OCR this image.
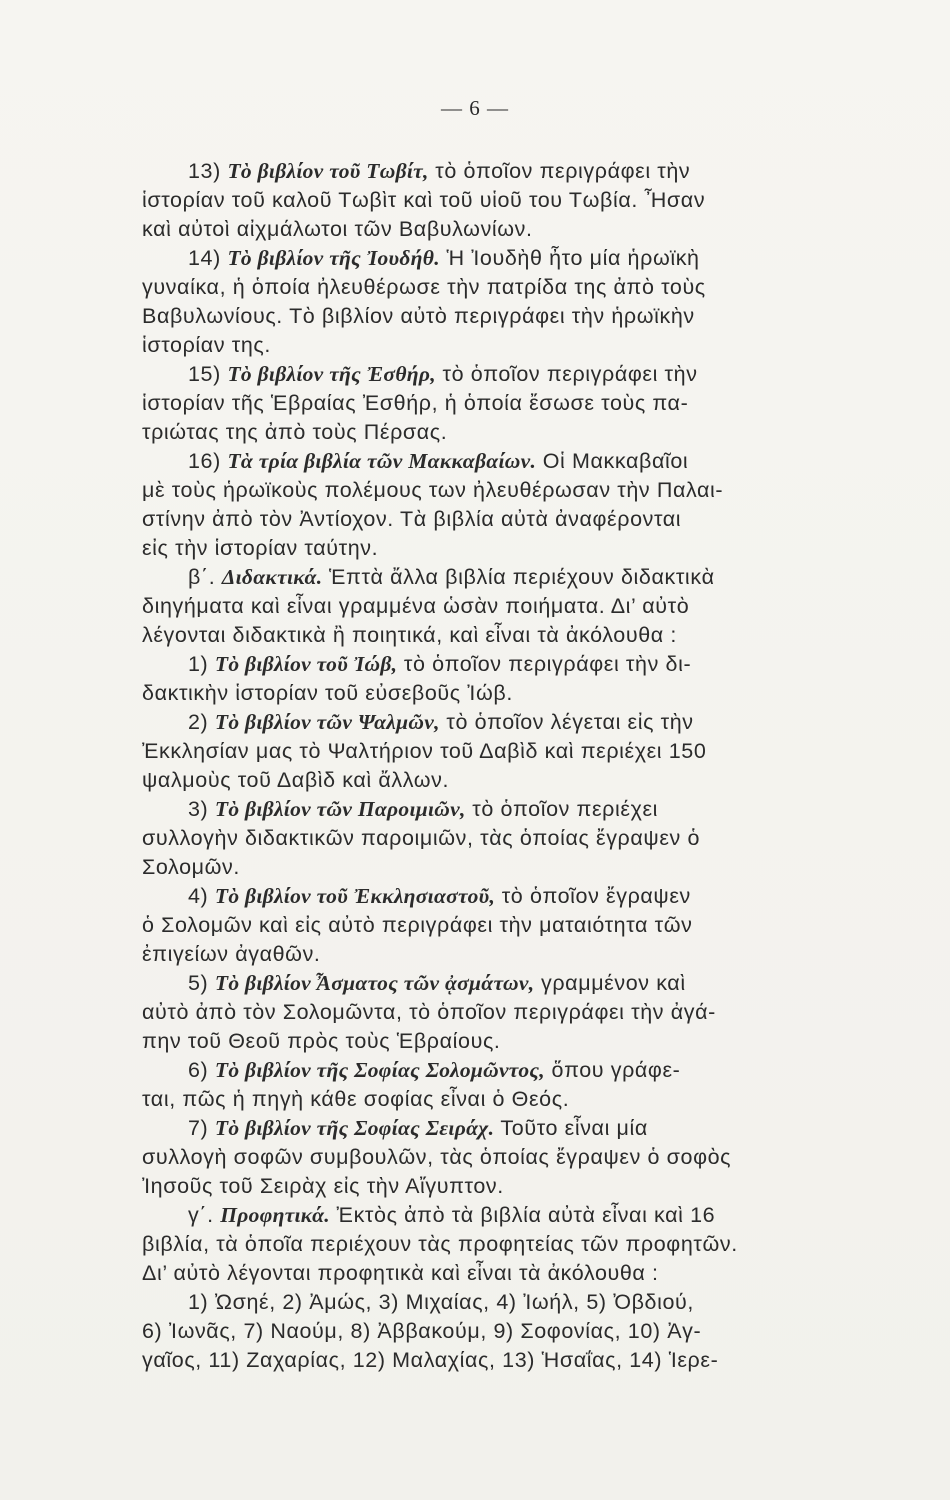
— 6 —
13) Τὸ βιβλίον τοῦ Τωβίτ, τὸ ὁποῖον περιγράφει τὴν
ἱστορίαν τοῦ καλοῦ Τωβὶτ καὶ τοῦ υἱοῦ του Τωβία. Ἦσαν
καὶ αὐτοὶ αἰχμάλωτοι τῶν Βαβυλωνίων.
14) Τὸ βιβλίον τῆς Ἰουδήθ. Ἡ Ἰουδὴθ ἦτο μία ἡρωϊκὴ
γυναίκα, ἡ ὁποία ἠλευθέρωσε τὴν πατρίδα της ἀπὸ τοὺς
Βαβυλωνίους. Τὸ βιβλίον αὐτὸ περιγράφει τὴν ἡρωϊκὴν
ἱστορίαν της.
15) Τὸ βιβλίον τῆς Ἐσθήρ, τὸ ὁποῖον περιγράφει τὴν
ἱστορίαν τῆς Ἑβραίας Ἐσθήρ, ἡ ὁποία ἔσωσε τοὺς πα-
τριώτας της ἀπὸ τοὺς Πέρσας.
16) Τὰ τρία βιβλία τῶν Μακκαβαίων. Οἱ Μακκαβαῖοι
μὲ τοὺς ἡρωϊκοὺς πολέμους των ἠλευθέρωσαν τὴν Παλαι-
στίνην ἀπὸ τὸν Ἀντίοχον. Τὰ βιβλία αὐτὰ ἀναφέρονται
εἰς τὴν ἱστορίαν ταύτην.
β΄. Διδακτικά. Ἑπτὰ ἄλλα βιβλία περιέχουν διδακτικὰ
διηγήματα καὶ εἶναι γραμμένα ὡσὰν ποιήματα. Δι’ αὐτὸ
λέγονται διδακτικὰ ἢ ποιητικά, καὶ εἶναι τὰ ἀκόλουθα :
1) Τὸ βιβλίον τοῦ Ἰώβ, τὸ ὁποῖον περιγράφει τὴν δι-
δακτικὴν ἱστορίαν τοῦ εὐσεβοῦς Ἰώβ.
2) Τὸ βιβλίον τῶν Ψαλμῶν, τὸ ὁποῖον λέγεται εἰς τὴν
Ἐκκλησίαν μας τὸ Ψαλτήριον τοῦ Δαβὶδ καὶ περιέχει 150
ψαλμοὺς τοῦ Δαβὶδ καὶ ἄλλων.
3) Τὸ βιβλίον τῶν Παροιμιῶν, τὸ ὁποῖον περιέχει
συλλογὴν διδακτικῶν παροιμιῶν, τὰς ὁποίας ἔγραψεν ὁ
Σολομῶν.
4) Τὸ βιβλίον τοῦ Ἐκκλησιαστοῦ, τὸ ὁποῖον ἔγραψεν
ὁ Σολομῶν καὶ εἰς αὐτὸ περιγράφει τὴν ματαιότητα τῶν
ἐπιγείων ἀγαθῶν.
5) Τὸ βιβλίον Ἆσματος τῶν ᾀσμάτων, γραμμένον καὶ
αὐτὸ ἀπὸ τὸν Σολομῶντα, τὸ ὁποῖον περιγράφει τὴν ἀγά-
πην τοῦ Θεοῦ πρὸς τοὺς Ἑβραίους.
6) Τὸ βιβλίον τῆς Σοφίας Σολομῶντος, ὅπου γράφε-
ται, πῶς ἡ πηγὴ κάθε σοφίας εἶναι ὁ Θεός.
7) Τὸ βιβλίον τῆς Σοφίας Σειράχ. Τοῦτο εἶναι μία
συλλογὴ σοφῶν συμβουλῶν, τὰς ὁποίας ἔγραψεν ὁ σοφὸς
Ἰησοῦς τοῦ Σειρὰχ εἰς τὴν Αἴγυπτον.
γ΄. Προφητικά. Ἐκτὸς ἀπὸ τὰ βιβλία αὐτὰ εἶναι καὶ 16
βιβλία, τὰ ὁποῖα περιέχουν τὰς προφητείας τῶν προφητῶν.
Δι’ αὐτὸ λέγονται προφητικὰ καὶ εἶναι τὰ ἀκόλουθα :
1) Ὠσηέ, 2) Ἀμώς, 3) Μιχαίας, 4) Ἰωήλ, 5) Ὀβδιού,
6) Ἰωνᾶς, 7) Ναούμ, 8) Ἀββακούμ, 9) Σοφονίας, 10) Ἀγ-
γαῖος, 11) Ζαχαρίας, 12) Μαλαχίας, 13) Ἡσαΐας, 14) Ἱερε-
